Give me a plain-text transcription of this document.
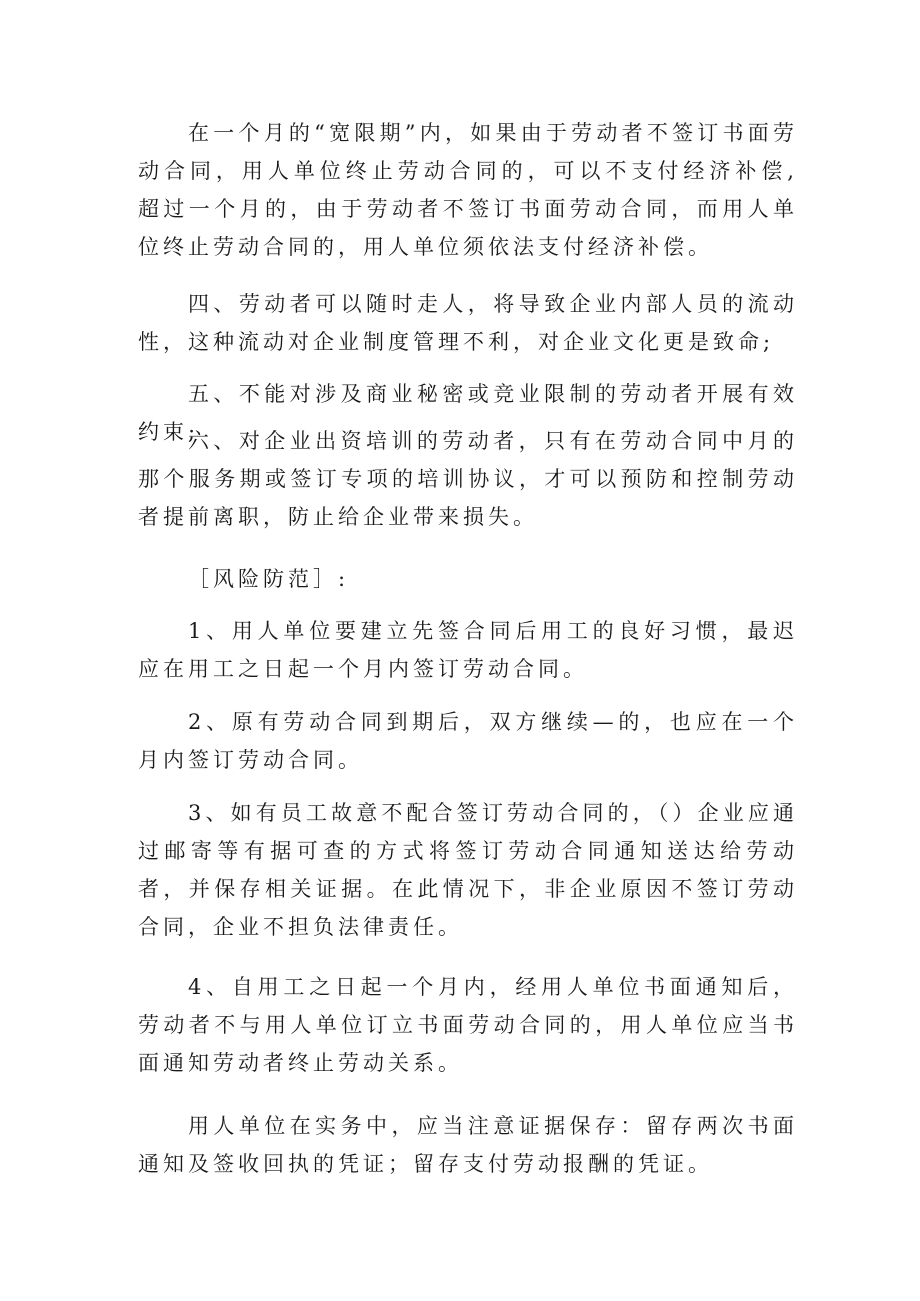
在一个月的“宽限期”内，如果由于劳动者不签订书面劳动合同，用人单位终止劳动合同的，可以不支付经济补偿,超过一个月的，由于劳动者不签订书面劳动合同，而用人单位终止劳动合同的，用人单位须依法支付经济补偿。

四、劳动者可以随时走人，将导致企业内部人员的流动性，这种流动对企业制度管理不利，对企业文化更是致命;

五、不能对涉及商业秘密或竞业限制的劳动者开展有效约束;

六、对企业出资培训的劳动者，只有在劳动合同中月的那个服务期或签订专项的培训协议，才可以预防和控制劳动者提前离职，防止给企业带来损失。

［风险防范］:

1、用人单位要建立先签合同后用工的良好习惯，最迟应在用工之日起一个月内签订劳动合同。

2、原有劳动合同到期后，双方继续—的，也应在一个月内签订劳动合同。

3、如有员工故意不配合签订劳动合同的，（）企业应通过邮寄等有据可查的方式将签订劳动合同通知送达给劳动者，并保存相关证据。在此情况下，非企业原因不签订劳动合同，企业不担负法律责任。

4、自用工之日起一个月内，经用人单位书面通知后，劳动者不与用人单位订立书面劳动合同的，用人单位应当书面通知劳动者终止劳动关系。

用人单位在实务中，应当注意证据保存：留存两次书面通知及签收回执的凭证；留存支付劳动报酬的凭证。
